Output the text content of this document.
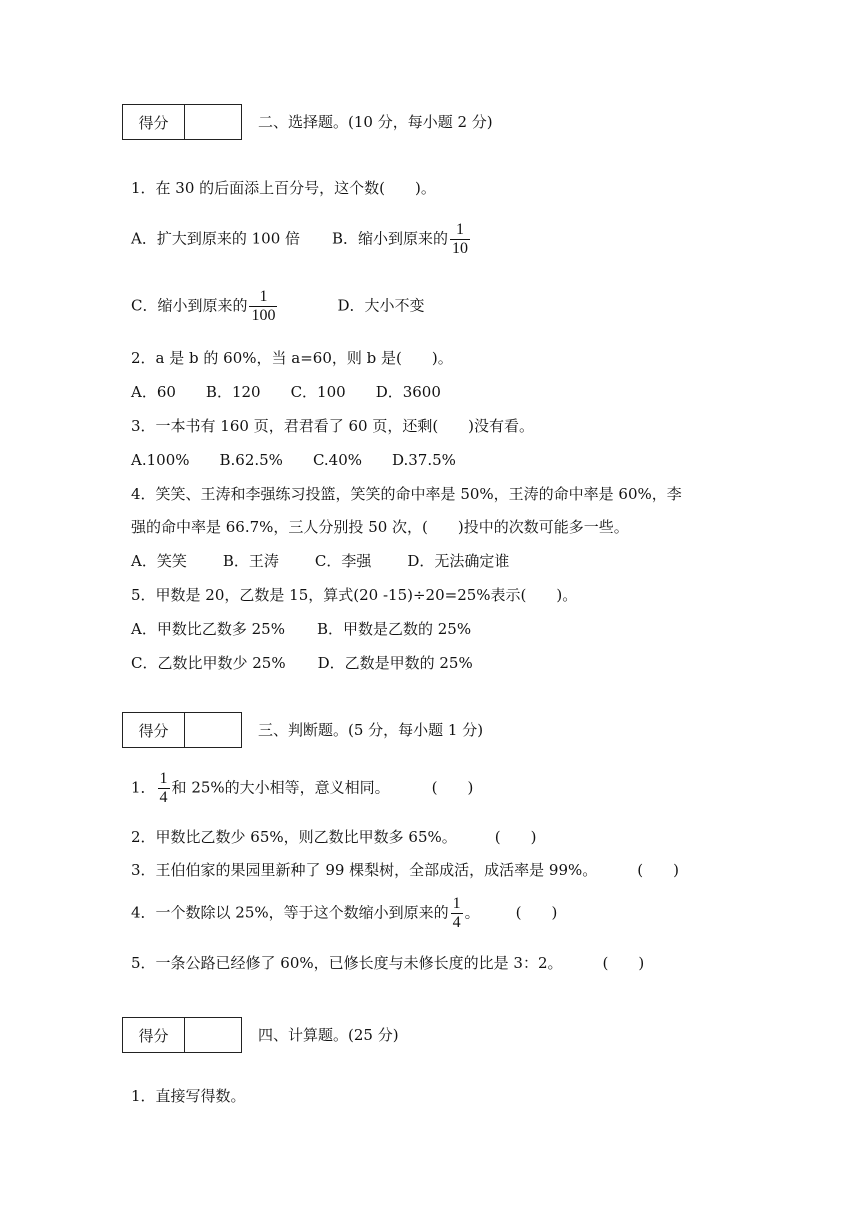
得分	二、选择题。(10 分，每小题 2 分)
1．在 30 的后面添上百分号，这个数(　　)。
A．扩大到原来的 100 倍 B．缩小到原来的 $\frac{1}{10}$
C．缩小到原来的 $\frac{1}{100}$	D．大小不变
2．a 是 b 的 60%，当 a=60，则 b 是(　　)。
A．60 B．120 C．100 D．3600
3．一本书有 160 页，君君看了 60 页，还剩(　　)没有看。
A.100% B.62.5% C.40% D.37.5%
4．笑笑、王涛和李强练习投篮，笑笑的命中率是 50%，王涛的命中率是 60%，李
强的命中率是 66.7%，三人分别投 50 次，(　　)投中的次数可能多一些。
A．笑笑 B．王涛 C．李强 D．无法确定谁
5．甲数是 20，乙数是 15，算式(20 -15)÷20=25%表示(　　)。
A．甲数比乙数多 25% B．甲数是乙数的 25%
C．乙数比甲数少 25% D．乙数是甲数的 25%
得分	三、判断题。(5 分，每小题 1 分)
1． $\frac{1}{4}$ 和 25%的大小相等，意义相同。	(　　)
2．甲数比乙数少 65%，则乙数比甲数多 65%。	(　　)
3．王伯伯家的果园里新种了 99 棵梨树，全部成活，成活率是 99%。	(　　)
4．一个数除以 25%，等于这个数缩小到原来的 $\frac{1}{4}$ 。 (　　)
5．一条公路已经修了 60%，已修长度与未修长度的比是 3：2。	(　　)
得分	四、计算题。(25 分)
1．直接写得数。
